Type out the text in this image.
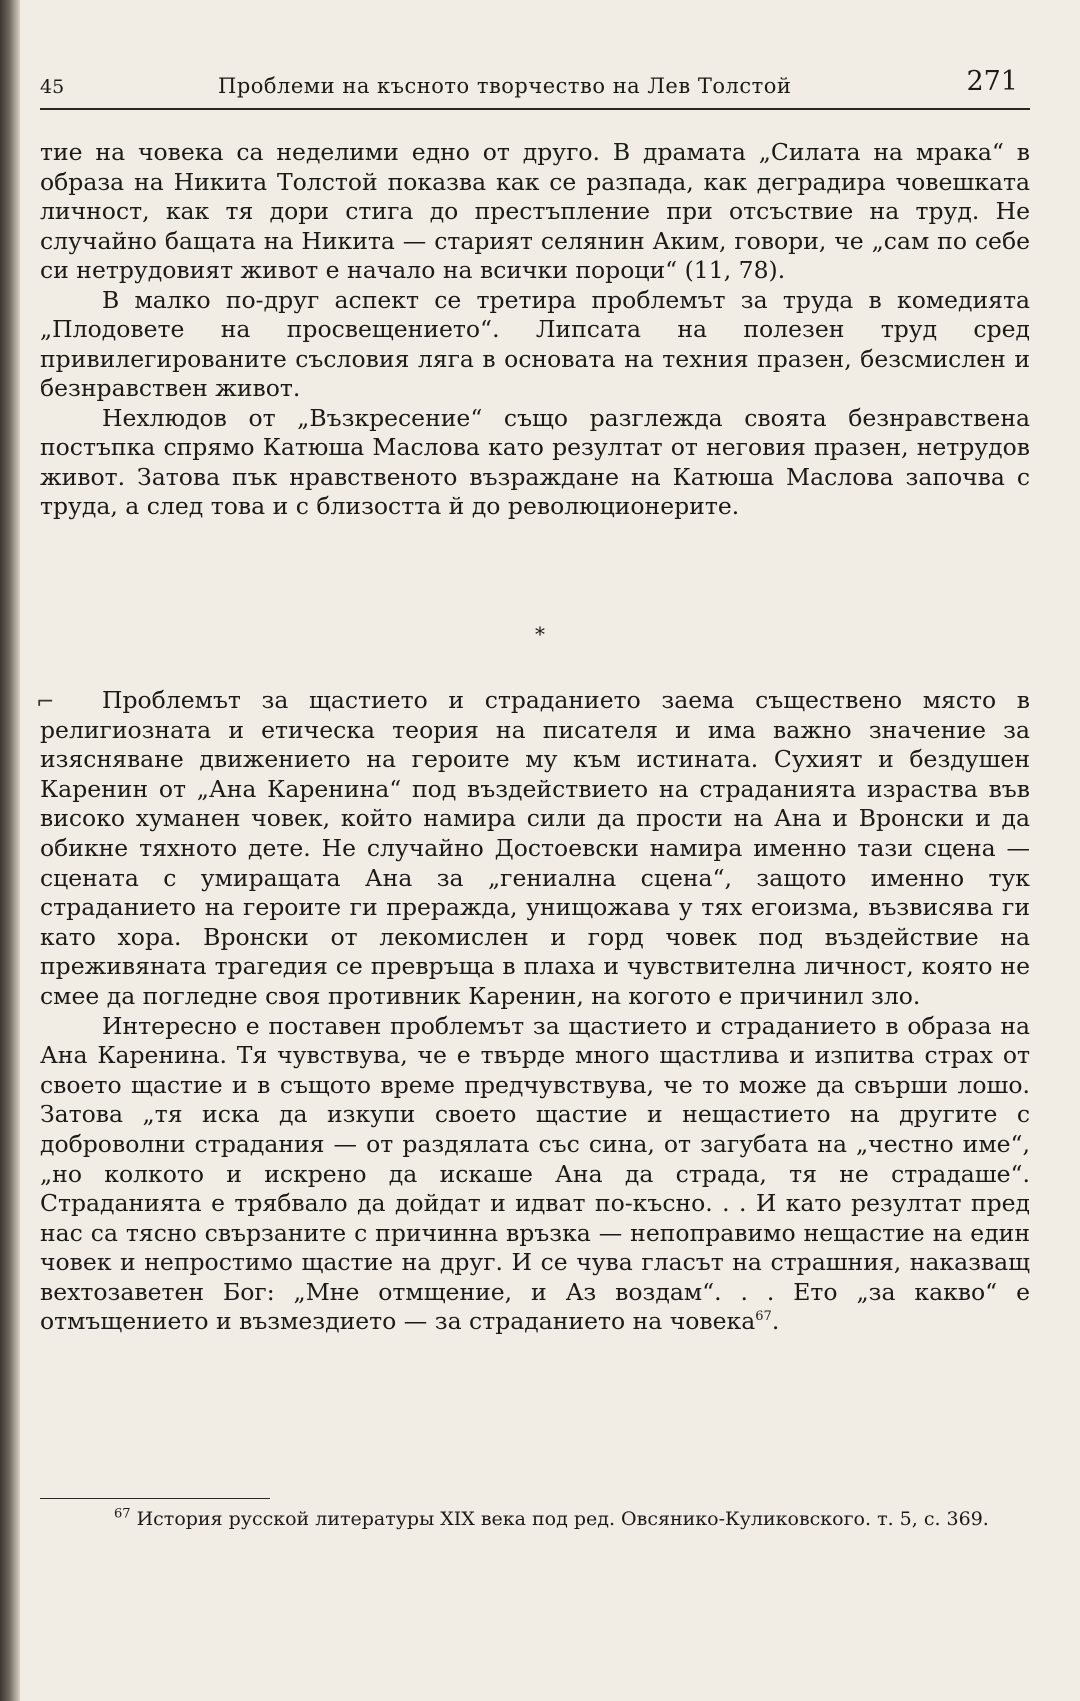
45	Проблеми на късното творчество на Лев Толстой	271

тие на човека са неделими едно от друго. В драмата „Силата на мрака“ в образа на Никита Толстой показва как се разпада, как деградира човешката личност, как тя дори стига до престъпление при отсъствие на труд. Не случайно бащата на Никита — старият селянин Аким, говори, че „сам по себе си нетрудовият живот е начало на всички пороци“ (11, 78).

В малко по-друг аспект се третира проблемът за труда в комедията „Плодовете на просвещението“. Липсата на полезен труд сред привилегированите съсловия ляга в основата на техния празен, безсмислен и безнравствен живот.

Нехлюдов от „Възкресение“ също разглежда своята безнравствена постъпка спрямо Катюша Маслова като резултат от неговия празен, нетрудов живот. Затова пък нравственото възраждане на Катюша Маслова започва с труда, а след това и с близостта й до революционерите.

*
⌐	Проблемът за щастието и страданието заема съществено място в религиозната и етическа теория на писателя и има важно значение за изясняване движението на героите му към истината. Сухият и бездушен Каренин от „Ана Каренина“ под въздействието на страданията израства във високо хуманен човек, който намира сили да прости на Ана и Вронски и да обикне тяхното дете. Не случайно Достоевски намира именно тази сцена — сцената с умиращата Ана за „гениална сцена“, защото именно тук страданието на героите ги преражда, унищожава у тях егоизма, възвисява ги като хора. Вронски от лекомислен и горд човек под въздействие на преживяната трагедия се превръща в плаха и чувствителна личност, която не смее да погледне своя противник Каренин, на когото е причинил зло.

Интересно е поставен проблемът за щастието и страданието в образа на Ана Каренина. Тя чувствува, че е твърде много щастлива и изпитва страх от своето щастие и в същото време предчувствува, че то може да свърши лошо. Затова „тя иска да изкупи своето щастие и нещастието на другите с доброволни страдания — от раздялата със сина, от загубата на „честно име“, „но колкото и искрено да искаше Ана да страда, тя не страдаше“. Страданията е трябвало да дойдат и идват по-късно. . . И като резултат пред нас са тясно свързаните с причинна връзка — непоправимо нещастие на един човек и непростимо щастие на друг. И се чува гласът на страшния, наказващ вехтозаветен Бог: „Мне отмщение, и Аз воздам“. . . Ето „за какво“ е отмъщението и възмездието — за страданието на човека$^{67}$.

$^{67}$ История русской литературы XIX века под ред. Овсянико-Куликовского. т. 5, с. 369.
